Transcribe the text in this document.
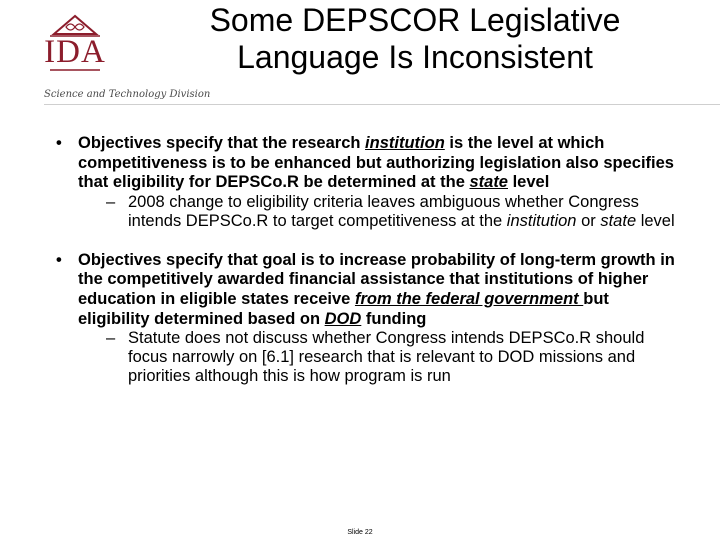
IDA
Science and Technology Division
Some DEPSCOR Legislative
Language Is Inconsistent
• Objectives specify that the research institution is the level at which competitiveness is to be enhanced but authorizing legislation also specifies that eligibility for DEPSCo.R be determined at the state level
– 2008 change to eligibility criteria leaves ambiguous whether Congress intends DEPSCo.R to target competitiveness at the institution or state level
• Objectives specify that goal is to increase probability of long-term growth in the competitively awarded financial assistance that institutions of higher education in eligible states receive from the federal government but eligibility determined based on DOD funding
– Statute does not discuss whether Congress intends DEPSCo.R should focus narrowly on [6.1] research that is relevant to DOD missions and priorities although this is how program is run
Slide 22
